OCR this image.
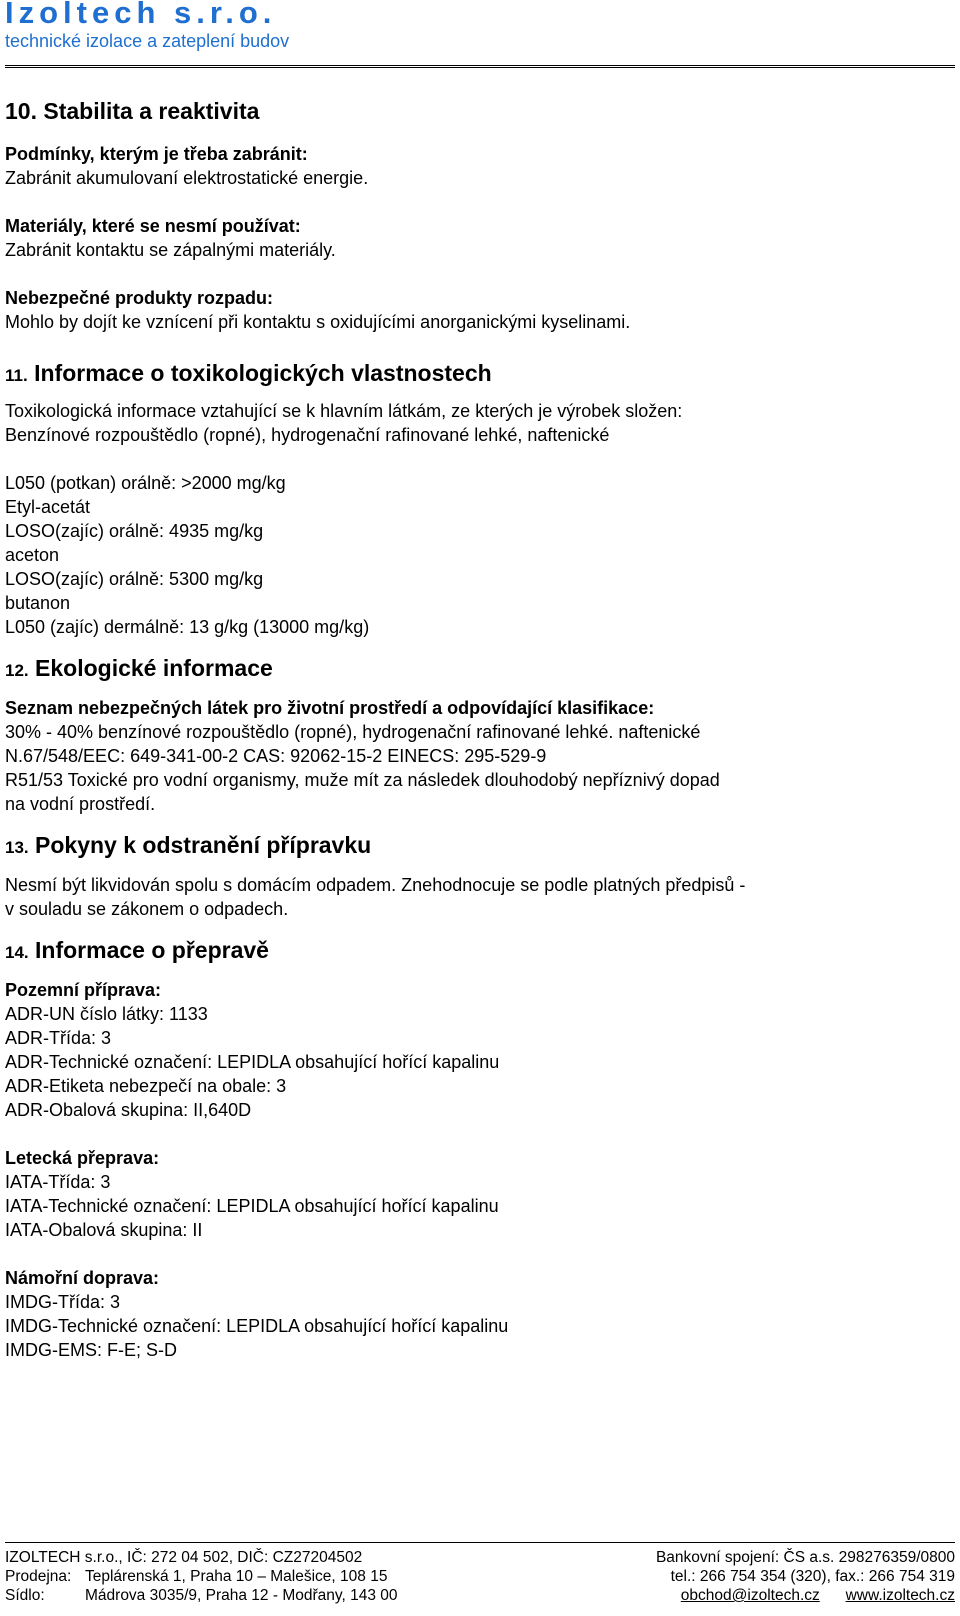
Izoltech s.r.o.
technické izolace a zateplení budov
10. Stabilita a reaktivita

Podmínky, kterým je třeba zabránit:

Zabránit akumulovaní elektrostatické energie.

Materiály, které se nesmí používat:

Zabránit kontaktu se zápalnými materiály.

Nebezpečné produkty rozpadu:

Mohlo by dojít ke vznícení při kontaktu s oxidujícími anorganickými kyselinami.

11. Informace o toxikologických vlastnostech

Toxikologická informace vztahující se k hlavním látkám, ze kterých je výrobek složen:

Benzínové rozpouštědlo (ropné), hydrogenační rafinované lehké, naftenické

L050 (potkan) orálně: >2000 mg/kg

Etyl-acetát

LOSO(zajíc) orálně: 4935 mg/kg

aceton

LOSO(zajíc) orálně: 5300 mg/kg

butanon

L050 (zajíc) dermálně: 13 g/kg (13000 mg/kg)

12. Ekologické informace

Seznam nebezpečných látek pro životní prostředí a odpovídající klasifikace:

30% - 40% benzínové rozpouštědlo (ropné), hydrogenační rafinované lehké. naftenické

N.67/548/EEC: 649-341-00-2 CAS: 92062-15-2 EINECS: 295-529-9

R51/53 Toxické pro vodní organismy, muže mít za následek dlouhodobý nepříznivý dopad

na vodní prostředí.

13. Pokyny k odstranění přípravku

Nesmí být likvidován spolu s domácím odpadem. Znehodnocuje se podle platných předpisů -

v souladu se zákonem o odpadech.

14. Informace o přepravě

Pozemní příprava:

ADR-UN číslo látky: 1133

ADR-Třída: 3

ADR-Technické označení: LEPIDLA obsahující hořící kapalinu

ADR-Etiketa nebezpečí na obale: 3

ADR-Obalová skupina: II,640D

Letecká přeprava:

IATA-Třída: 3

IATA-Technické označení: LEPIDLA obsahující hořící kapalinu

IATA-Obalová skupina: II

Námořní doprava:

IMDG-Třída: 3

IMDG-Technické označení: LEPIDLA obsahující hořící kapalinu

IMDG-EMS: F-E; S-D

IZOLTECH s.r.o., IČ: 272 04 502, DIČ: CZ27204502	Bankovní spojení: ČS a.s. 298276359/0800
Prodejna: Teplárenská 1, Praha 10 – Malešice, 108 15	tel.: 266 754 354 (320), fax.: 266 754 319
Sídlo:	Mádrova 3035/9, Praha 12 - Modřany, 143 00	obchod@izoltech.cz www.izoltech.cz
